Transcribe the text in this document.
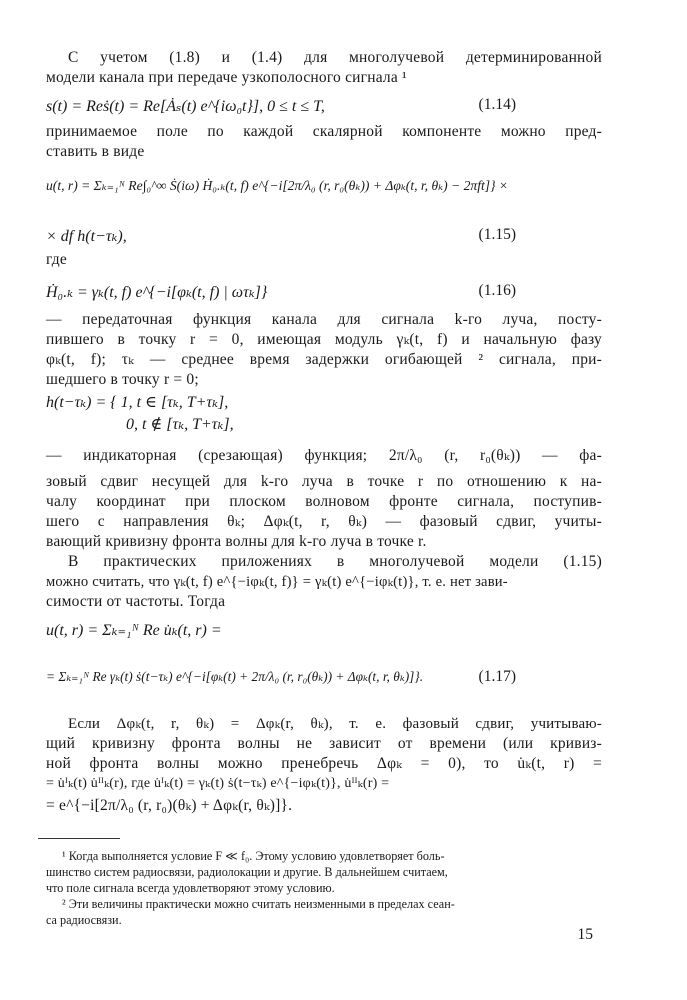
С учетом (1.8) и (1.4) для многолучевой детерминированной
модели канала при передаче узкополосного сигнала ¹
s(t) = Reṡ(t) = Re[Ȧₛ(t) e^{iω₀t}], 0 ≤ t ≤ T,	(1.14)
принимаемое поле по каждой скалярной компоненте можно пред-
ставить в виде
u(t, r) = Σₖ₌₁ᴺ Re∫₀^∞ Ṡ(iω) Ḣ₀.ₖ(t, f) e^{−i[2π/λ₀ (r, r₀(θₖ)) + Δφₖ(t, r, θₖ) − 2πft]} ×
× df h(t−τₖ),	(1.15)
где
Ḣ₀.ₖ = γₖ(t, f) e^{−i[φₖ(t, f) | ωτₖ]}	(1.16)
— передаточная функция канала для сигнала k-го луча, посту-
пившего в точку r = 0, имеющая модуль γₖ(t, f) и начальную фазу
φₖ(t, f); τₖ — среднее время задержки огибающей ² сигнала, при-
шедшего в точку r = 0;
h(t−τₖ) = { 1, t ∈ [τₖ, T+τₖ],
0, t ∉ [τₖ, T+τₖ],
— индикаторная (срезающая) функция; 2π/λ₀ (r, r₀(θₖ)) — фа-
зовый сдвиг несущей для k-го луча в точке r по отношению к на-
чалу координат при плоском волновом фронте сигнала, поступив-
шего с направления θₖ; Δφₖ(t, r, θₖ) — фазовый сдвиг, учиты-
вающий кривизну фронта волны для k-го луча в точке r.
В практических приложениях в многолучевой модели (1.15)
можно считать, что γₖ(t, f) e^{−iφₖ(t, f)} = γₖ(t) e^{−iφₖ(t)}, т. е. нет зави-
симости от частоты. Тогда
u(t, r) = Σₖ₌₁ᴺ Re u̇ₖ(t, r) =
= Σₖ₌₁ᴺ Re γₖ(t) ṡ(t−τₖ) e^{−i[φₖ(t) + 2π/λ₀ (r, r₀(θₖ)) + Δφₖ(t, r, θₖ)]}.	(1.17)
Если Δφₖ(t, r, θₖ) = Δφₖ(r, θₖ), т. е. фазовый сдвиг, учитываю-
щий кривизну фронта волны не зависит от времени (или кривиз-
ной фронта волны можно пренебречь Δφₖ = 0), то u̇ₖ(t, r) =
= u̇ᴵₖ(t) u̇ᴵᴵₖ(r), где u̇ᴵₖ(t) = γₖ(t) ṡ(t−τₖ) e^{−iφₖ(t)}, u̇ᴵᴵₖ(r) =
= e^{−i[2π/λ₀ (r, r₀)(θₖ) + Δφₖ(r, θₖ)]}.
¹ Когда выполняется условие F ≪ f₀. Этому условию удовлетворяет боль-
шинство систем радиосвязи, радиолокации и другие. В дальнейшем считаем,
что поле сигнала всегда удовлетворяют этому условию.
² Эти величины практически можно считать неизменными в пределах сеан-
са радиосвязи.
15
